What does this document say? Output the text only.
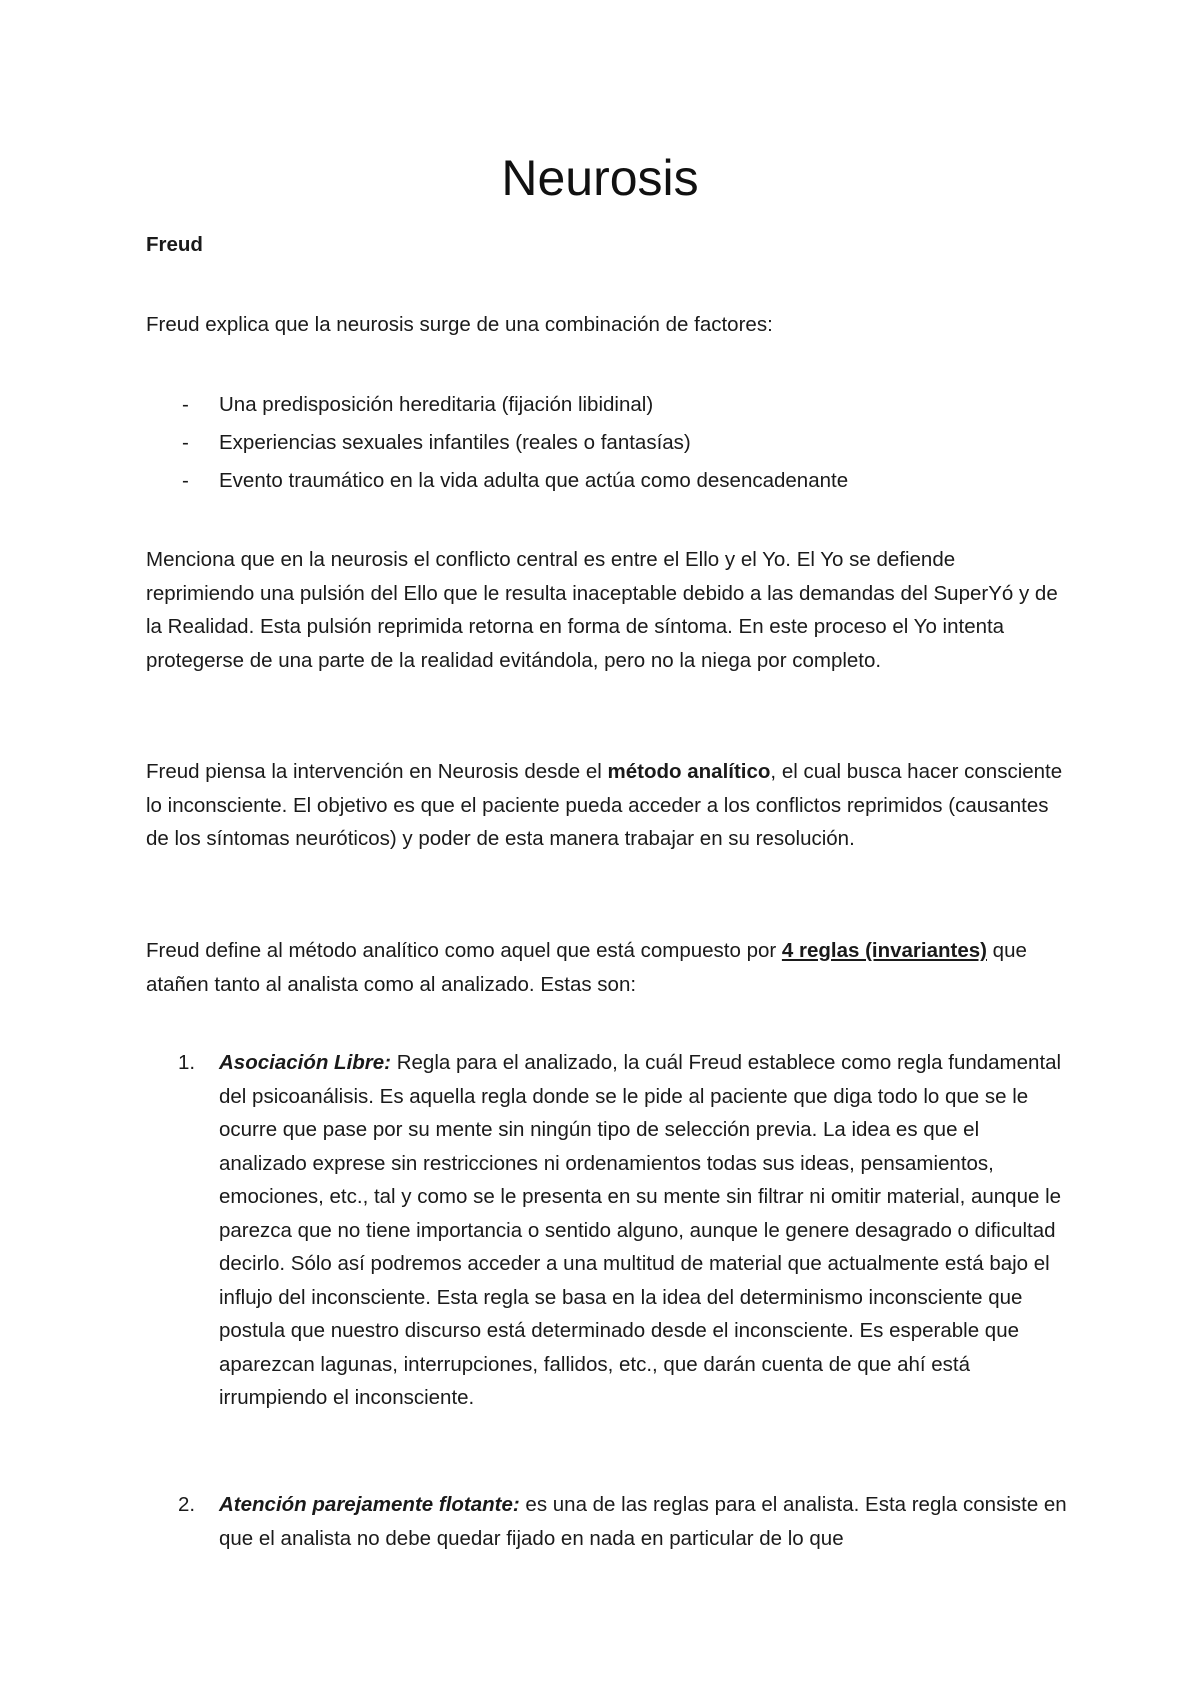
Neurosis
Freud
Freud explica que la neurosis surge de una combinación de factores:
- Una predisposición hereditaria (fijación libidinal)
- Experiencias sexuales infantiles (reales o fantasías)
- Evento traumático en la vida adulta que actúa como desencadenante

Menciona que en la neurosis el conflicto central es entre el Ello y el Yo. El Yo se defiende reprimiendo una pulsión del Ello que le resulta inaceptable debido a las demandas del SuperYó y de la Realidad. Esta pulsión reprimida retorna en forma de síntoma. En este proceso el Yo intenta protegerse de una parte de la realidad evitándola, pero no la niega por completo.

Freud piensa la intervención en Neurosis desde el método analítico, el cual busca hacer consciente lo inconsciente. El objetivo es que el paciente pueda acceder a los conflictos reprimidos (causantes de los síntomas neuróticos) y poder de esta manera trabajar en su resolución.

Freud define al método analítico como aquel que está compuesto por 4 reglas (invariantes) que atañen tanto al analista como al analizado. Estas son:

1. Asociación Libre: Regla para el analizado, la cuál Freud establece como regla fundamental del psicoanálisis. Es aquella regla donde se le pide al paciente que diga todo lo que se le ocurre que pase por su mente sin ningún tipo de selección previa. La idea es que el analizado exprese sin restricciones ni ordenamientos todas sus ideas, pensamientos, emociones, etc., tal y como se le presenta en su mente sin filtrar ni omitir material, aunque le parezca que no tiene importancia o sentido alguno, aunque le genere desagrado o dificultad decirlo. Sólo así podremos acceder a una multitud de material que actualmente está bajo el influjo del inconsciente. Esta regla se basa en la idea del determinismo inconsciente que postula que nuestro discurso está determinado desde el inconsciente. Es esperable que aparezcan lagunas, interrupciones, fallidos, etc., que darán cuenta de que ahí está irrumpiendo el inconsciente.

2. Atención parejamente flotante: es una de las reglas para el analista. Esta regla consiste en que el analista no debe quedar fijado en nada en particular de lo que
